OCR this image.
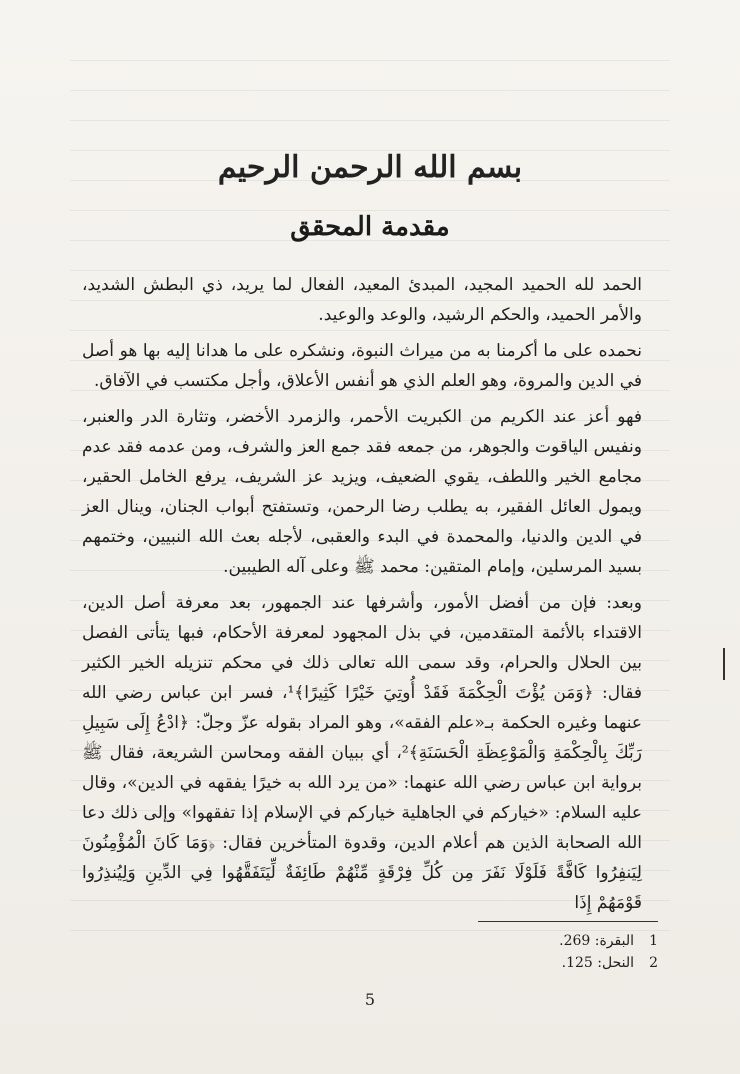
بسم الله الرحمن الرحيم
مقدمة المحقق

الحمد لله الحميد المجيد، المبدئ المعيد، الفعال لما يريد، ذي البطش الشديد، والأمر الحميد، والحكم الرشيد، والوعد والوعيد.

نحمده على ما أكرمنا به من ميراث النبوة، ونشكره على ما هدانا إليه بها هو أصل في الدين والمروة، وهو العلم الذي هو أنفس الأعلاق، وأجل مكتسب في الآفاق.

فهو أعز عند الكريم من الكبريت الأحمر، والزمرد الأخضر، وتثارة الدر والعنبر، ونفيس الياقوت والجوهر، من جمعه فقد جمع العز والشرف، ومن عدمه فقد عدم مجامع الخير واللطف، يقوي الضعيف، ويزيد عز الشريف، يرفع الخامل الحقير، ويمول العائل الفقير، به يطلب رضا الرحمن، وتستفتح أبواب الجنان، وينال العز في الدين والدنيا، والمحمدة في البدء والعقبى، لأجله بعث الله النبيين، وختمهم بسيد المرسلين، وإمام المتقين: محمد ﷺ وعلى آله الطيبين.

وبعد: فإن من أفضل الأمور، وأشرفها عند الجمهور، بعد معرفة أصل الدين، الاقتداء بالأئمة المتقدمين، في بذل المجهود لمعرفة الأحكام، فبها يتأتى الفصل بين الحلال والحرام، وقد سمى الله تعالى ذلك في محكم تنزيله الخير الكثير فقال: ﴿وَمَن يُؤْتَ الْحِكْمَةَ فَقَدْ أُوتِيَ خَيْرًا كَثِيرًا﴾¹، فسر ابن عباس رضي الله عنهما وغيره الحكمة بـ«علم الفقه»، وهو المراد بقوله عزّ وجلّ: ﴿ادْعُ إِلَى سَبِيلِ رَبِّكَ بِالْحِكْمَةِ وَالْمَوْعِظَةِ الْحَسَنَةِ﴾²، أي ببيان الفقه ومحاسن الشريعة، فقال ﷺ برواية ابن عباس رضي الله عنهما: «من يرد الله به خيرًا يفقهه في الدين»، وقال عليه السلام: «خياركم في الجاهلية خياركم في الإسلام إذا تفقهوا» وإلى ذلك دعا الله الصحابة الذين هم أعلام الدين، وقدوة المتأخرين فقال: ﴿وَمَا كَانَ الْمُؤْمِنُونَ لِيَنفِرُوا كَافَّةً فَلَوْلَا نَفَرَ مِن كُلِّ فِرْقَةٍ مِّنْهُمْ طَائِفَةٌ لِّيَتَفَقَّهُوا فِي الدِّينِ وَلِيُنذِرُوا قَوْمَهُمْ إِذَا

1
البقرة: 269.
2
النحل: 125.
5
